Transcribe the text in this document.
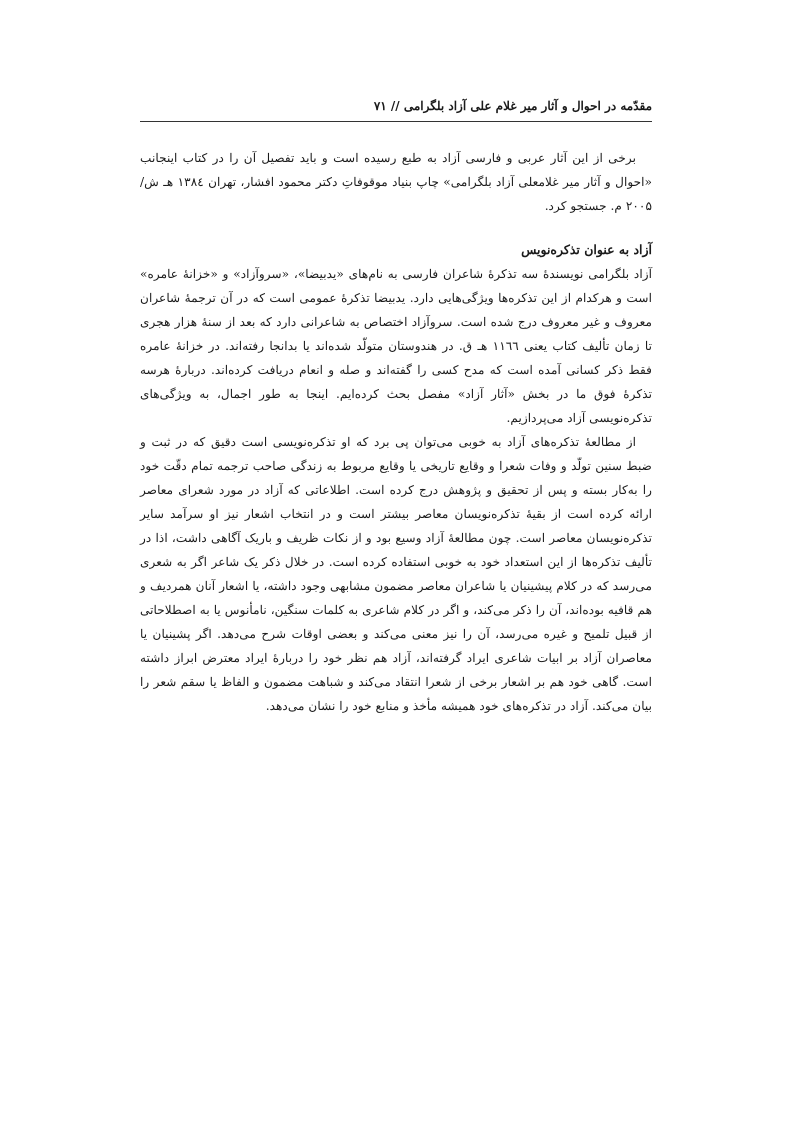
مقدّمه در احوال و آثار میر غلام علی آزاد بلگرامی // ۷۱

برخی از این آثار عربی و فارسی آزاد به طبع رسیده است و باید تفصیل آن را در کتاب اینجانب «احوال و آثار میر غلامعلی آزاد بلگرامی» چاپ بنیاد موقوفاتِ دکتر محمود افشار، تهران ۱۳۸٤ هـ ش/۲۰۰۵ م. جستجو کرد.

آزاد به عنوان تذکره‌نویس

آزاد بلگرامی نویسندهٔ سه تذکرهٔ شاعران فارسی به نام‌های «یدبیضا»، «سروآزاد» و «خزانهٔ عامره» است و هرکدام از این تذکره‌ها ویژگی‌هایی دارد. یدبیضا تذکرهٔ عمومی است که در آن ترجمهٔ شاعران معروف و غیر معروف درج شده است. سروآزاد اختصاص به شاعرانی دارد که بعد از سنهٔ هزار هجری تا زمان تألیف کتاب یعنی ١١٦٦ هـ ق. در هندوستان متولّد شده‌اند یا بدانجا رفته‌اند. در خزانهٔ عامره فقط ذکر کسانی آمده است که مدح کسی را گفته‌اند و صله و انعام دریافت کرده‌اند. دربارهٔ هرسه تذکرهٔ فوق ما در بخش «آثار آزاد» مفصل بحث کرده‌ایم. اینجا به طور اجمال، به ویژگی‌های تذکره‌نویسی آزاد می‌پردازیم.

از مطالعهٔ تذکره‌های آزاد به خوبی می‌توان پی برد که او تذکره‌نویسی است دقیق که در ثبت و ضبط سنین تولّد و وفات شعرا و وقایع تاریخی یا وقایع مربوط به زندگی صاحب ترجمه تمام دقّت خود را به‌کار بسته و پس از تحقیق و پژوهش درج کرده است. اطلاعاتی که آزاد در مورد شعرای معاصر ارائه کرده است از بقیهٔ تذکره‌نویسان معاصر بیشتر است و در انتخاب اشعار نیز او سرآمد سایر تذکره‌نویسان معاصر است. چون مطالعهٔ آزاد وسیع بود و از نکات ظریف و باریک آگاهی داشت، اذا در تألیف تذکره‌ها از این استعداد خود به خوبی استفاده کرده است. در خلال ذکر یک شاعر اگر به شعری می‌رسد که در کلام پیشینیان یا شاعران معاصر مضمون مشابهی وجود داشته، یا اشعار آنان همردیف و هم قافیه بوده‌اند، آن را ذکر می‌کند، و اگر در کلام شاعری به کلمات سنگین، نامأنوس یا به اصطلاحاتی از قبیل تلمیح و غیره می‌رسد، آن را نیز معنی می‌کند و بعضی اوقات شرح می‌دهد. اگر پشینیان یا معاصران آزاد بر ابیات شاعری ایراد گرفته‌اند، آزاد هم نظر خود را دربارهٔ ایراد معترض ابراز داشته است. گاهی خود هم بر اشعار برخی از شعرا انتقاد می‌کند و شباهت مضمون و الفاظ یا سقم شعر را بیان می‌کند. آزاد در تذکره‌های خود همیشه مأخذ و منابع خود را نشان می‌دهد.
